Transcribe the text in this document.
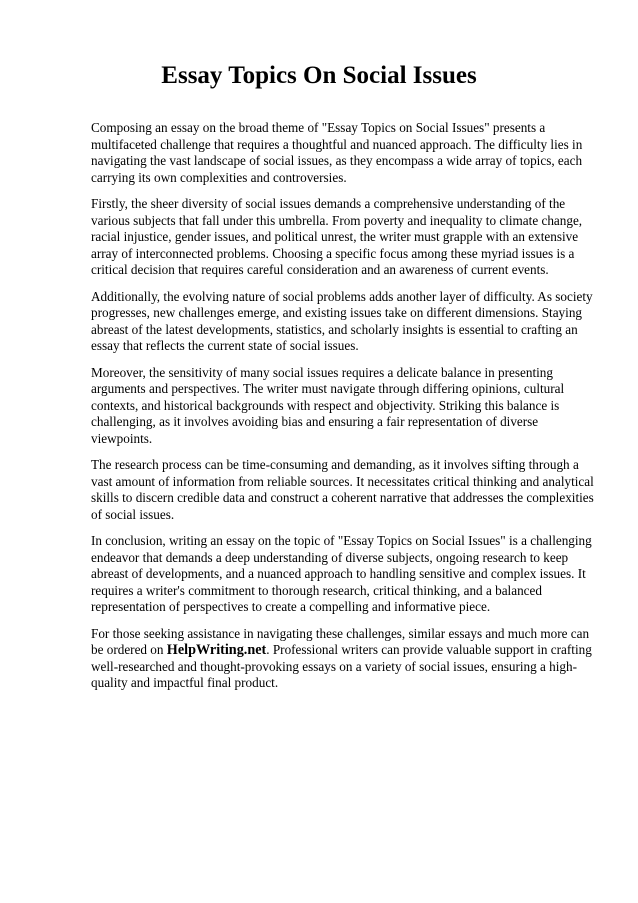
Essay Topics On Social Issues

Composing an essay on the broad theme of "Essay Topics on Social Issues" presents a multifaceted challenge that requires a thoughtful and nuanced approach. The difficulty lies in navigating the vast landscape of social issues, as they encompass a wide array of topics, each carrying its own complexities and controversies.

Firstly, the sheer diversity of social issues demands a comprehensive understanding of the various subjects that fall under this umbrella. From poverty and inequality to climate change, racial injustice, gender issues, and political unrest, the writer must grapple with an extensive array of interconnected problems. Choosing a specific focus among these myriad issues is a critical decision that requires careful consideration and an awareness of current events.

Additionally, the evolving nature of social problems adds another layer of difficulty. As society progresses, new challenges emerge, and existing issues take on different dimensions. Staying abreast of the latest developments, statistics, and scholarly insights is essential to crafting an essay that reflects the current state of social issues.

Moreover, the sensitivity of many social issues requires a delicate balance in presenting arguments and perspectives. The writer must navigate through differing opinions, cultural contexts, and historical backgrounds with respect and objectivity. Striking this balance is challenging, as it involves avoiding bias and ensuring a fair representation of diverse viewpoints.

The research process can be time-consuming and demanding, as it involves sifting through a vast amount of information from reliable sources. It necessitates critical thinking and analytical skills to discern credible data and construct a coherent narrative that addresses the complexities of social issues.

In conclusion, writing an essay on the topic of "Essay Topics on Social Issues" is a challenging endeavor that demands a deep understanding of diverse subjects, ongoing research to keep abreast of developments, and a nuanced approach to handling sensitive and complex issues. It requires a writer's commitment to thorough research, critical thinking, and a balanced representation of perspectives to create a compelling and informative piece.

For those seeking assistance in navigating these challenges, similar essays and much more can be ordered on HelpWriting.net. Professional writers can provide valuable support in crafting well-researched and thought-provoking essays on a variety of social issues, ensuring a high-quality and impactful final product.
